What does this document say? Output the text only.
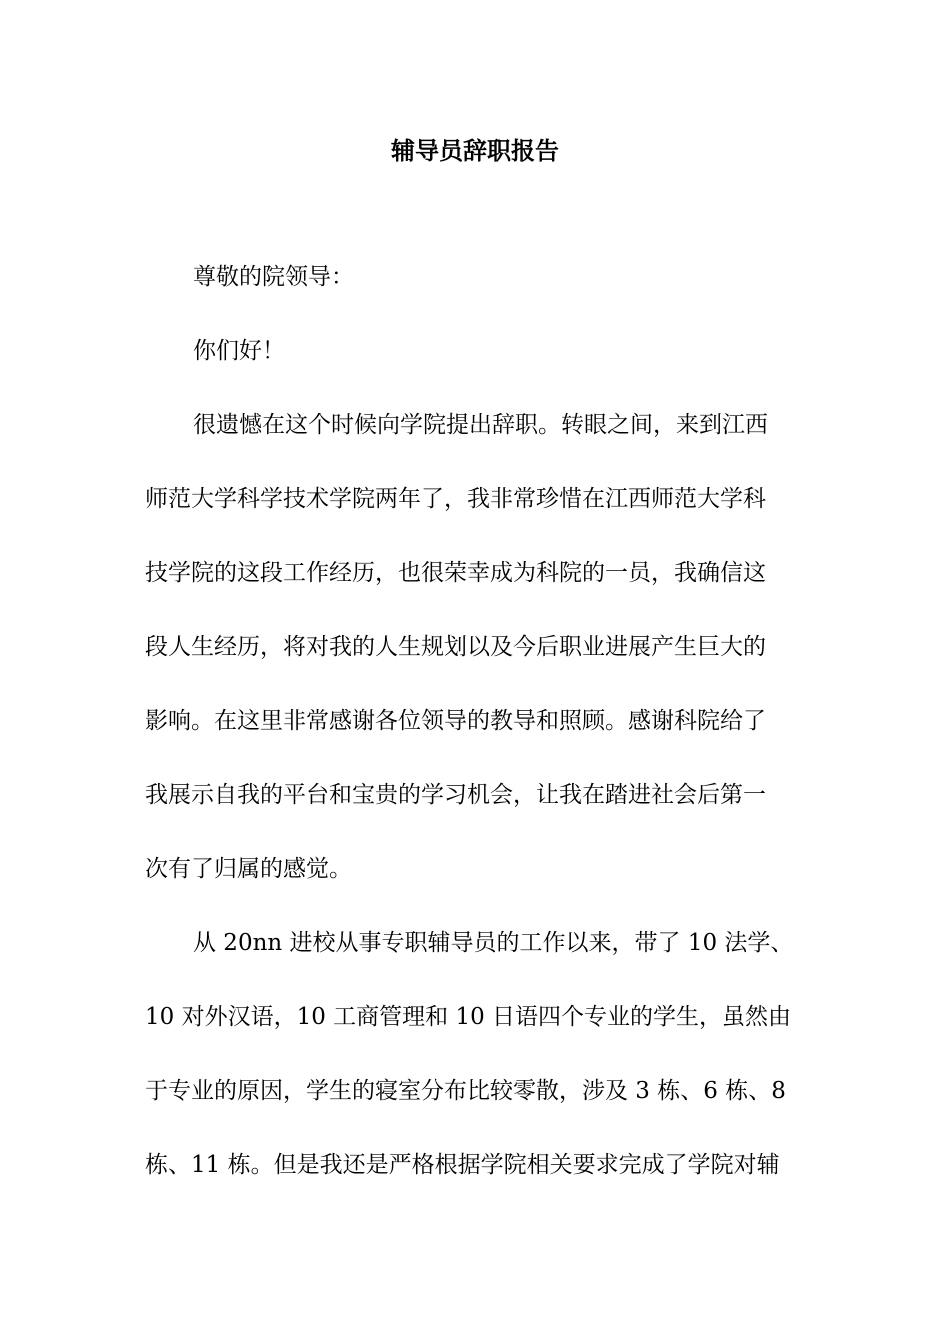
辅导员辞职报告
尊敬的院领导：
你们好！
很遗憾在这个时候向学院提出辞职。转眼之间，来到江西
师范大学科学技术学院两年了，我非常珍惜在江西师范大学科
技学院的这段工作经历，也很荣幸成为科院的一员，我确信这
段人生经历，将对我的人生规划以及今后职业进展产生巨大的
影响。在这里非常感谢各位领导的教导和照顾。感谢科院给了
我展示自我的平台和宝贵的学习机会，让我在踏进社会后第一
次有了归属的感觉。
从 20nn 进校从事专职辅导员的工作以来，带了 10 法学、
10 对外汉语，10 工商管理和 10 日语四个专业的学生，虽然由
于专业的原因，学生的寝室分布比较零散，涉及 3 栋、6 栋、8
栋、11 栋。但是我还是严格根据学院相关要求完成了学院对辅
